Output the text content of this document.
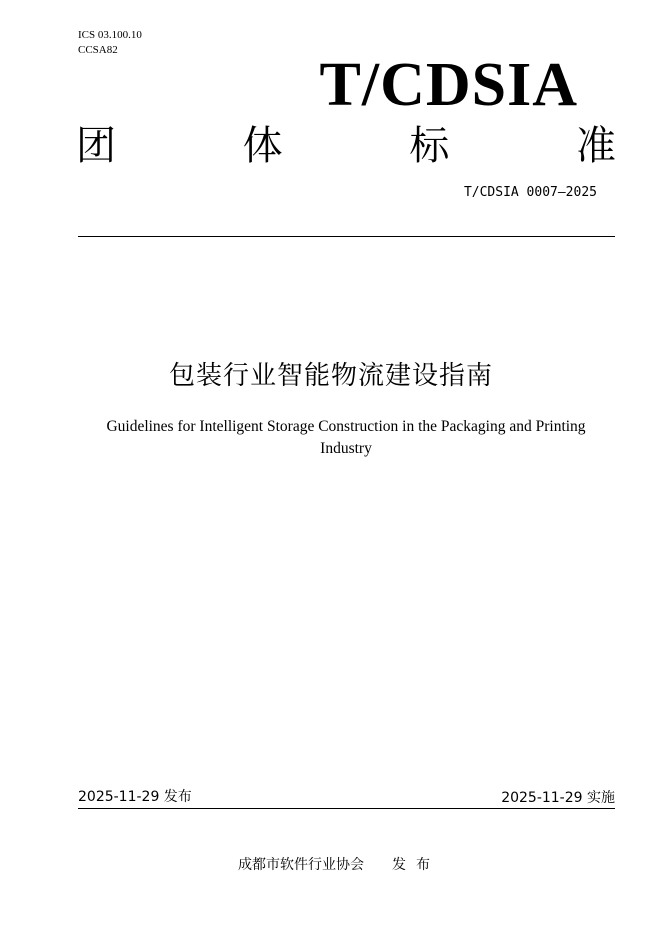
ICS 03.100.10
CCSA82
T/CDSIA
团	体	标	准
T/CDSIA 0007—2025
包装行业智能物流建设指南
Guidelines for Intelligent Storage Construction in the Packaging and Printing Industry
2025-11-29 发布	2025-11-29 实施
成都市软件行业协会 发布
